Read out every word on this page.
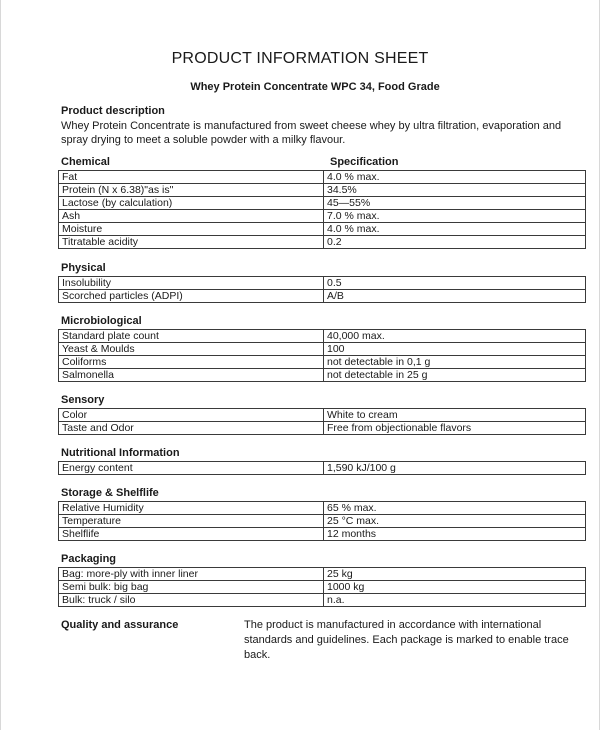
PRODUCT INFORMATION SHEET
Whey Protein Concentrate WPC 34, Food Grade
Product description
Whey Protein Concentrate is manufactured from sweet cheese whey by ultra filtration, evaporation and spray drying to meet a soluble powder with a milky flavour.
Chemical	Specification
Fat	4.0 % max.
Protein (N x 6.38)"as is"	34.5%
Lactose (by calculation)	45—55%
Ash	7.0 % max.
Moisture	4.0 % max.
Titratable acidity	0.2
Physical
Insolubility	0.5
Scorched particles (ADPI)	A/B
Microbiological
Standard plate count	40,000 max.
Yeast & Moulds	100
Coliforms	not detectable in 0,1 g
Salmonella	not detectable in 25 g
Sensory
Color	White to cream
Taste and Odor	Free from objectionable flavors
Nutritional Information
Energy content	1,590 kJ/100 g
Storage & Shelflife
Relative Humidity	65 % max.
Temperature	25 °C max.
Shelflife	12 months
Packaging
Bag: more-ply with inner liner	25 kg
Semi bulk: big bag	1000 kg
Bulk: truck / silo	n.a.
Quality and assurance	The product is manufactured in accordance with international standards and guidelines. Each package is marked to enable trace back.
